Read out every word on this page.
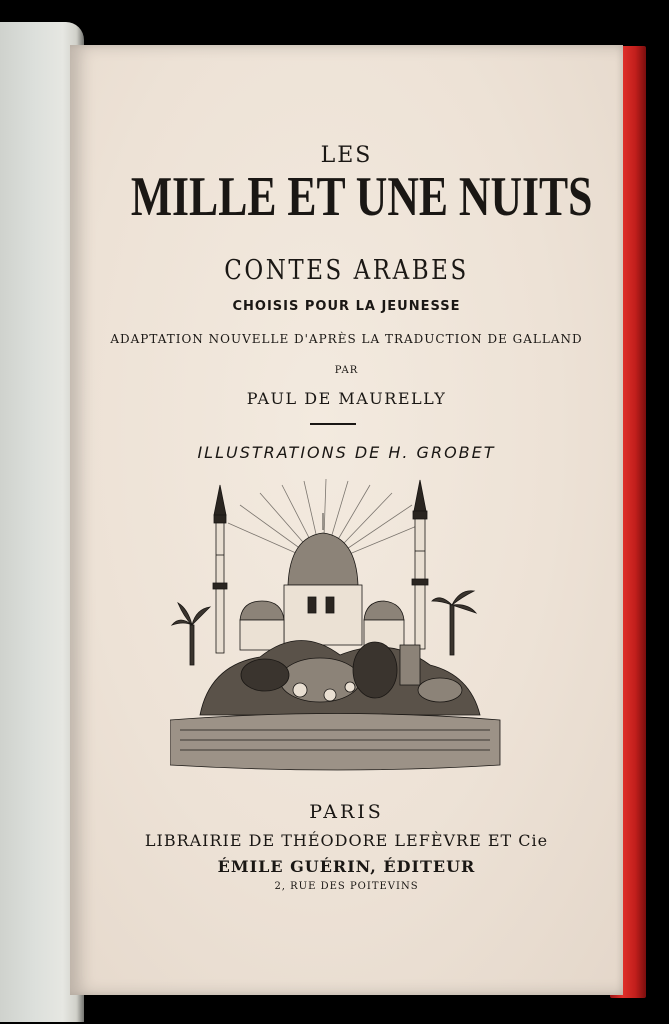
LES
MILLE ET UNE NUITS
CONTES ARABES
CHOISIS POUR LA JEUNESSE
ADAPTATION NOUVELLE D'APRÈS LA TRADUCTION DE GALLAND
PAR
PAUL DE MAURELLY
ILLUSTRATIONS DE H. GROBET
PARIS
LIBRAIRIE DE THÉODORE LEFÈVRE ET Cie
ÉMILE GUÉRIN, ÉDITEUR
2, RUE DES POITEVINS
